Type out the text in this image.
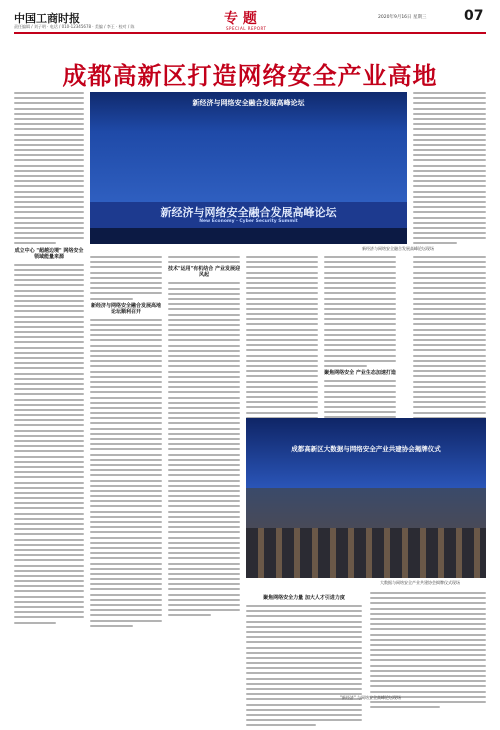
中国工商时报
责任编辑 / 刘子明 · 电话 / 010-12345678 · 美编 / 李王 · 校对 / 陈	专 题
SPECIAL REPORT
2020年9月16日 星期三	07
成都高新区打造网络安全产业高地
成立中心 "超越边境" 网络安全领域能量来源
新经济与网络安全融合发展高峰论坛
新经济与网络安全融合发展高峰论坛
New Economy · Cyber Security Summit
新经济与网络安全融合发展高峰论坛现场
新经济与网络安全融合发展高地论坛顺利召开
技术"运用"有机结合 产业发展迎风起
聚焦网络安全 产业生态加速打造
成都高新区大数据与网络安全产业共建协会揭牌仪式
大数据与网络安全产业共建协会揭牌仪式现场
聚焦网络安全力量 加大人才引进力度
"新经济" 与网络安全高峰论坛现场
